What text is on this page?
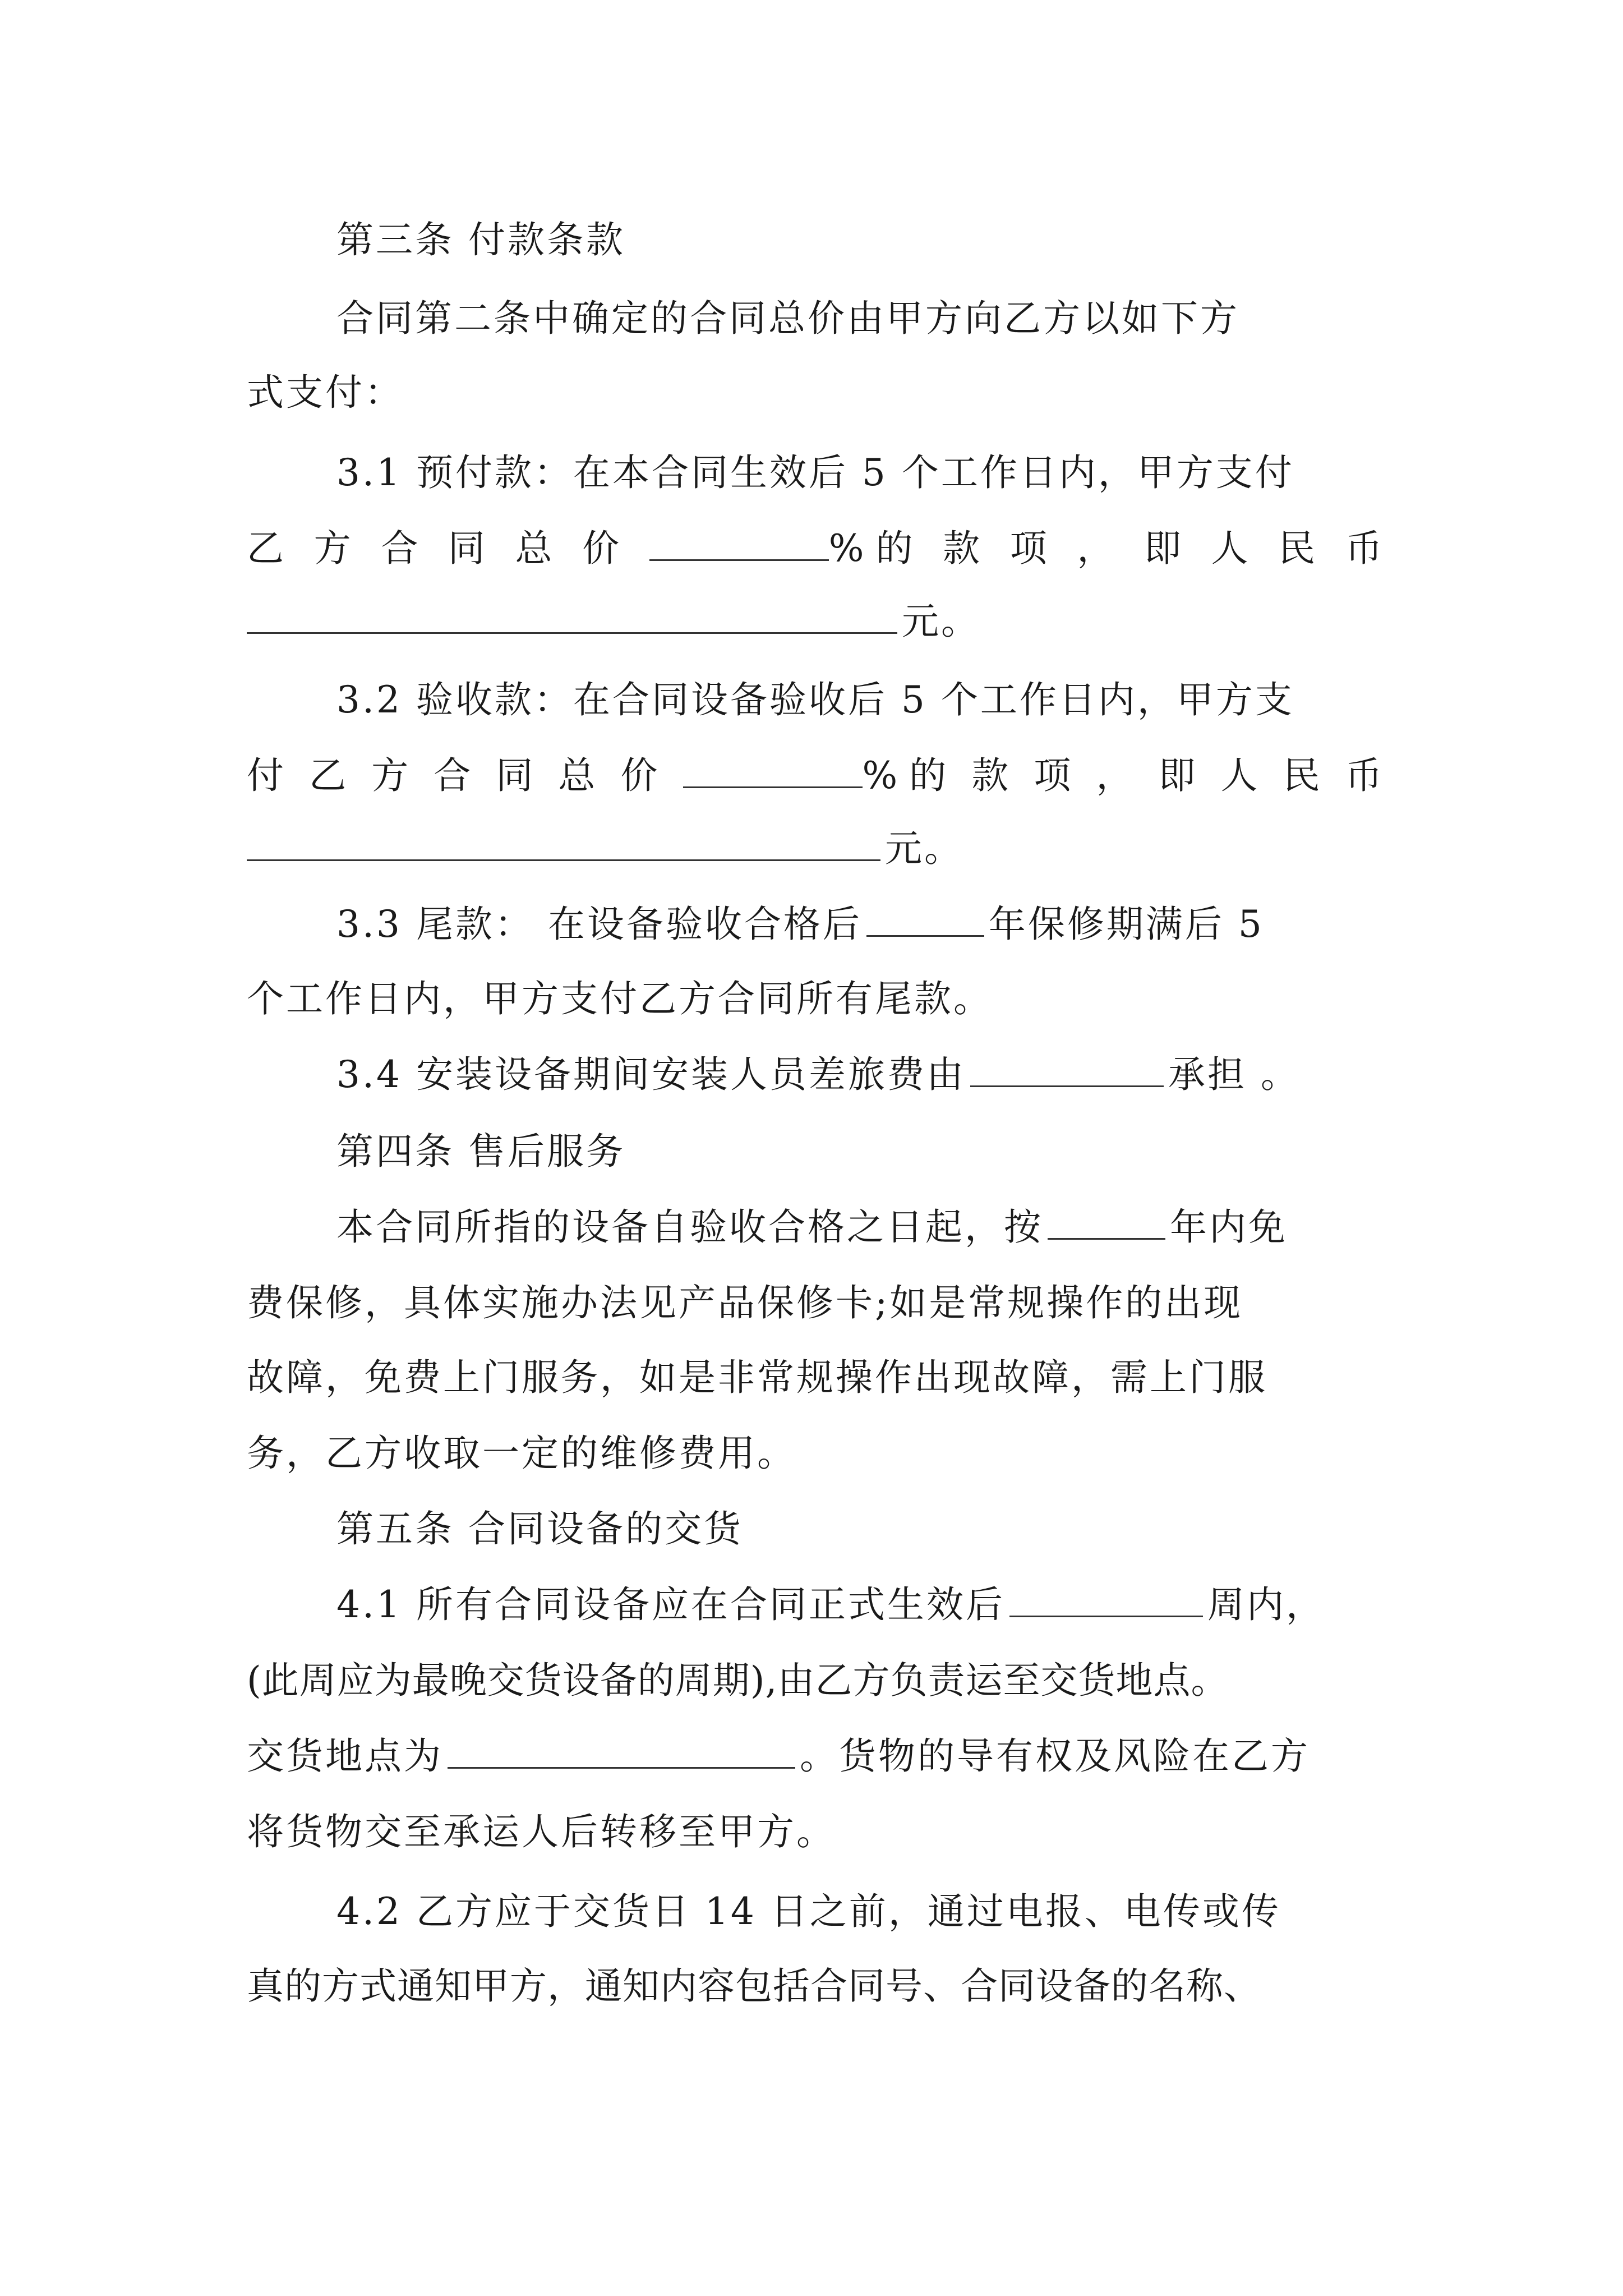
第三条 付款条款
合同第二条中确定的合同总价由甲方向乙方以如下方
式支付：
3.1 预付款：在本合同生效后 5 个工作日内，甲方支付
乙 方 合 同 总 价	% 的 款 项 ， 即 人 民 币
元。
3.2 验收款：在合同设备验收后 5 个工作日内，甲方支
付 乙 方 合 同 总 价	% 的 款 项 ， 即 人 民 币
元。
3.3 尾款： 在设备验收合格后	年保修期满后 5
个工作日内，甲方支付乙方合同所有尾款。
3.4 安装设备期间安装人员差旅费由	承担 。
第四条 售后服务
本合同所指的设备自验收合格之日起，按	年内免
费保修，具体实施办法见产品保修卡;如是常规操作的出现
故障，免费上门服务，如是非常规操作出现故障，需上门服
务，乙方收取一定的维修费用。
第五条 合同设备的交货
4.1 所有合同设备应在合同正式生效后	周内，
(此周应为最晚交货设备的周期),由乙方负责运至交货地点。
交货地点为	。货物的导有权及风险在乙方
将货物交至承运人后转移至甲方。
4.2 乙方应于交货日 14 日之前，通过电报、电传或传
真的方式通知甲方，通知内容包括合同号、合同设备的名称、
